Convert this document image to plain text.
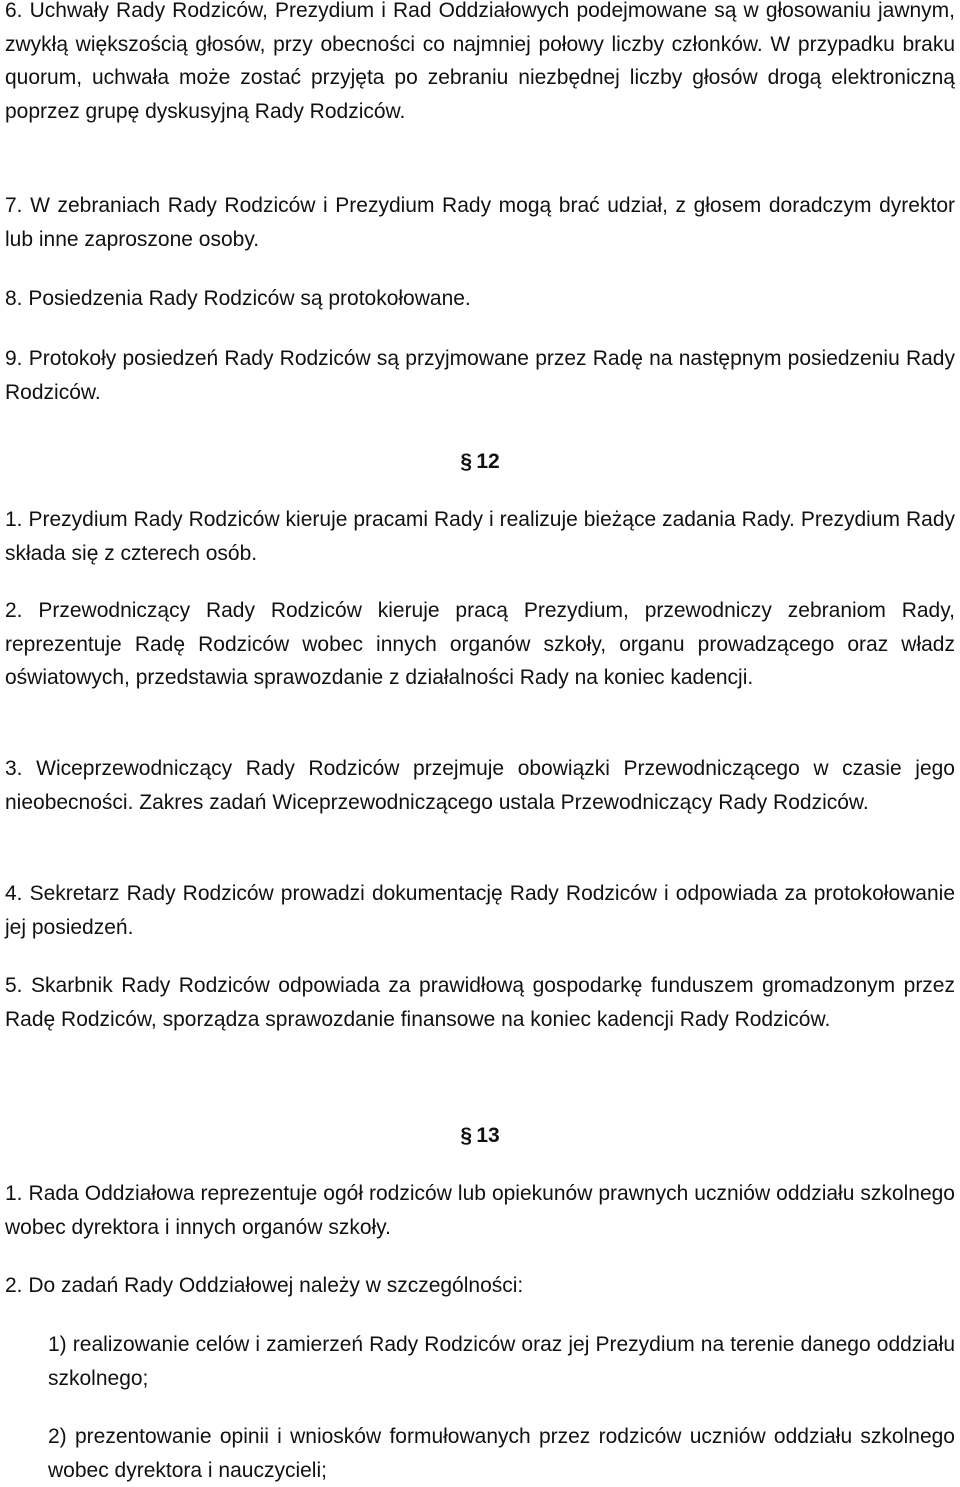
6. Uchwały Rady Rodziców, Prezydium i Rad Oddziałowych podejmowane są w głosowaniu jawnym, zwykłą większością głosów, przy obecności co najmniej połowy liczby członków. W przypadku braku quorum, uchwała może zostać przyjęta po zebraniu niezbędnej liczby głosów drogą elektroniczną poprzez grupę dyskusyjną Rady Rodziców.

7. W zebraniach Rady Rodziców i Prezydium Rady mogą brać udział, z głosem doradczym dyrektor lub inne zaproszone osoby.

8. Posiedzenia Rady Rodziców są protokołowane.

9. Protokoły posiedzeń Rady Rodziców są przyjmowane przez Radę na następnym posiedzeniu Rady Rodziców.

§ 12

1. Prezydium Rady Rodziców kieruje pracami Rady i realizuje bieżące zadania Rady. Prezydium Rady składa się z czterech osób.

2. Przewodniczący Rady Rodziców kieruje pracą Prezydium, przewodniczy zebraniom Rady, reprezentuje Radę Rodziców wobec innych organów szkoły, organu prowadzącego oraz władz oświatowych, przedstawia sprawozdanie z działalności Rady na koniec kadencji.

3. Wiceprzewodniczący Rady Rodziców przejmuje obowiązki Przewodniczącego w czasie jego nieobecności. Zakres zadań Wiceprzewodniczącego ustala Przewodniczący Rady Rodziców.

4. Sekretarz Rady Rodziców prowadzi dokumentację Rady Rodziców i odpowiada za protokołowanie jej posiedzeń.

5. Skarbnik Rady Rodziców odpowiada za prawidłową gospodarkę funduszem gromadzonym przez Radę Rodziców, sporządza sprawozdanie finansowe na koniec kadencji Rady Rodziców.

§ 13

1. Rada Oddziałowa reprezentuje ogół rodziców lub opiekunów prawnych uczniów oddziału szkolnego wobec dyrektora i innych organów szkoły.

2. Do zadań Rady Oddziałowej należy w szczególności:

1) realizowanie celów i zamierzeń Rady Rodziców oraz jej Prezydium na terenie danego oddziału szkolnego;

2) prezentowanie opinii i wniosków formułowanych przez rodziców uczniów oddziału szkolnego wobec dyrektora i nauczycieli;
